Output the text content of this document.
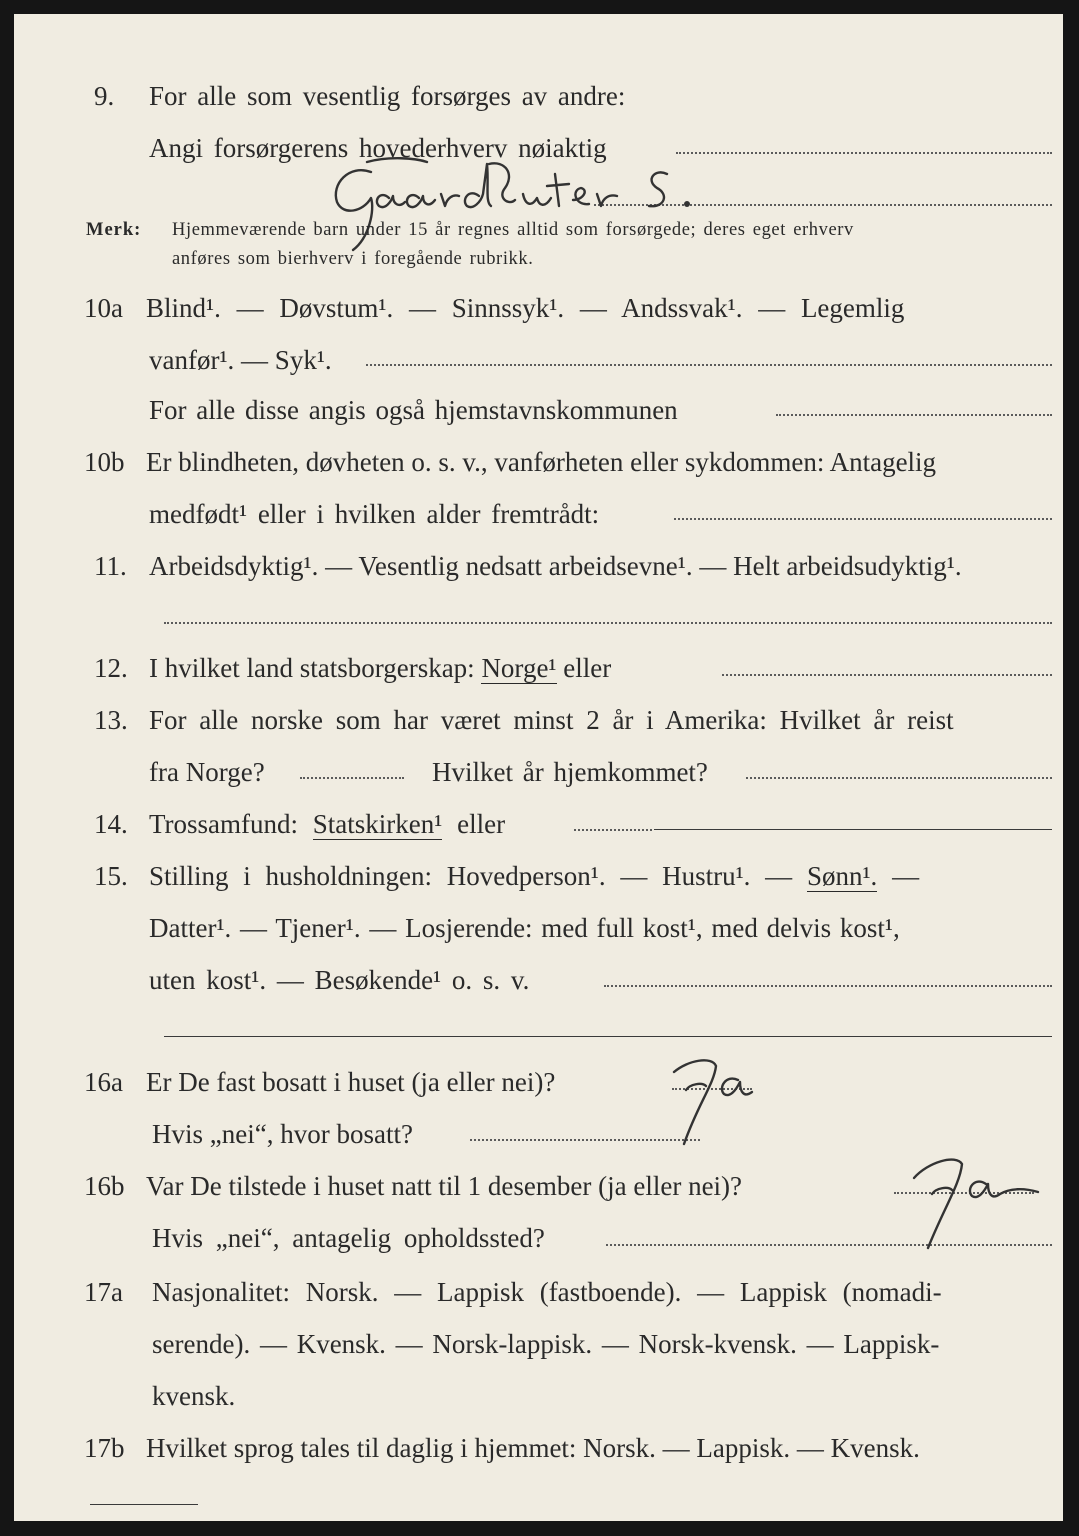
9. For alle som vesentlig forsørges av andre:
Angi forsørgerens hovederhverv nøiaktig
Merk: Hjemmeværende barn under 15 år regnes alltid som forsørgede; deres eget erhverv
anføres som bierhverv i foregående rubrikk.
10a Blind¹. — Døvstum¹. — Sinnssyk¹. — Andssvak¹. — Legemlig
vanfør¹. — Syk¹.
For alle disse angis også hjemstavnskommunen
10b Er blindheten, døvheten o. s. v., vanførheten eller sykdommen: Antagelig
medfødt¹ eller i hvilken alder fremtrådt:
11. Arbeidsdyktig¹. — Vesentlig nedsatt arbeidsevne¹. — Helt arbeidsudyktig¹.
12. I hvilket land statsborgerskap: Norge¹ eller
13. For alle norske som har været minst 2 år i Amerika: Hvilket år reist
fra Norge?	Hvilket år hjemkommet?
14. Trossamfund: Statskirken¹ eller
15. Stilling i husholdningen: Hovedperson¹. — Hustru¹. — Sønn¹. —
Datter¹. — Tjener¹. — Losjerende: med full kost¹, med delvis kost¹,
uten kost¹. — Besøkende¹ o. s. v.
16a Er De fast bosatt i huset (ja eller nei)?
Hvis „nei“, hvor bosatt?
16b Var De tilstede i huset natt til 1 desember (ja eller nei)?
Hvis „nei“, antagelig opholdssted?
17a Nasjonalitet: Norsk. — Lappisk (fastboende). — Lappisk (nomadi-
serende). — Kvensk. — Norsk-lappisk. — Norsk-kvensk. — Lappisk-
kvensk.
17b Hvilket sprog tales til daglig i hjemmet: Norsk. — Lappisk. — Kvensk.
